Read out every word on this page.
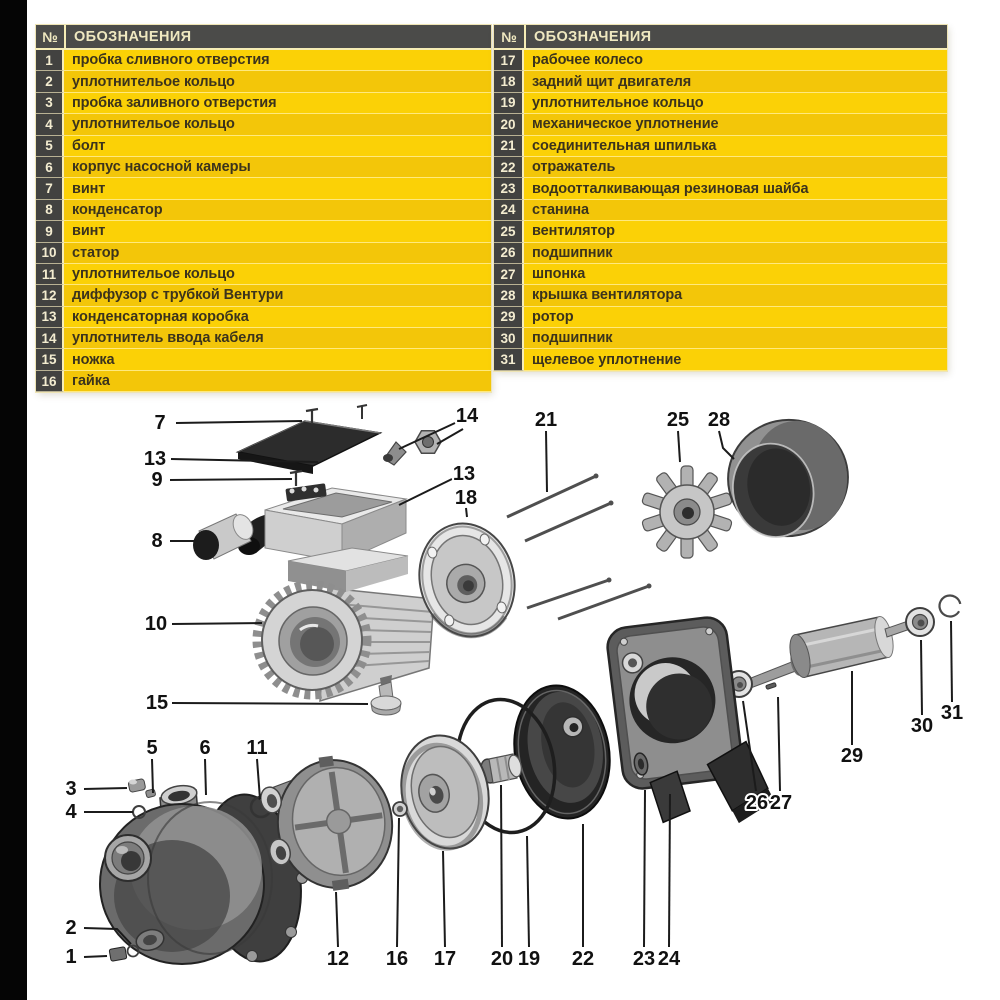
№	ОБОЗНАЧЕНИЯ
1	пробка сливного отверстия
2	уплотнительое кольцо
3	пробка заливного отверстия
4	уплотнительое кольцо
5	болт
6	корпус насосной камеры
7	винт
8	конденсатор
9	винт
10	статор
11	уплотнительое кольцо
12	диффузор с трубкой Вентури
13	конденсаторная коробка
14	уплотнитель ввода кабеля
15	ножка
16	гайка
№	ОБОЗНАЧЕНИЯ
17	рабочее колесо
18	задний щит двигателя
19	уплотнительное кольцо
20	механическое уплотнение
21	соединительная шпилька
22	отражатель
23	водоотталкивающая резиновая шайба
24	станина
25	вентилятор
26	подшипник
27	шпонка
28	крышка вентилятора
29	ротор
30	подшипник
31	щелевое уплотнение
7
13
9
8
14
13
18
21	25 28
10
15
5 6 11
3
4
2
1	12 16 17 20 19 22 23 24
26 27
29
30
31
